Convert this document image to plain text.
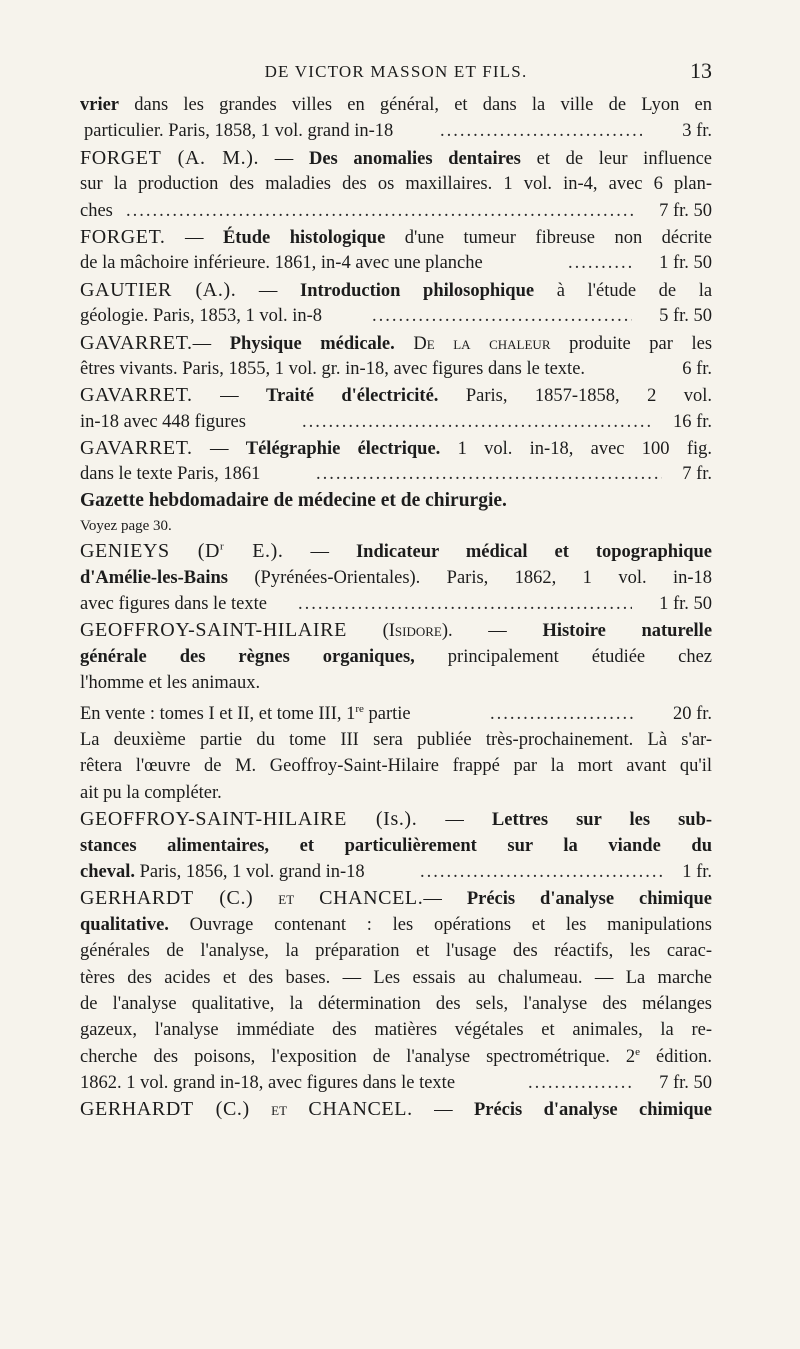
DE VICTOR MASSON ET FILS.	13
vrier dans les grandes villes en général, et dans la ville de Lyon en
particulier. Paris, 1858, 1 vol. grand in-18 .....	3 fr.
FORGET (A. M.). — Des anomalies dentaires et de leur influence
sur la production des maladies des os maxillaires. 1 vol. in-4, avec 6 plan-
ches .....	7 fr. 50
FORGET. — Étude histologique d'une tumeur fibreuse non décrite
de la mâchoire inférieure. 1861, in-4 avec une planche .....	1 fr. 50
GAUTIER (A.). — Introduction philosophique à l'étude de la
géologie. Paris, 1853, 1 vol. in-8 .....	5 fr. 50
GAVARRET.— Physique médicale. De la chaleur produite par les
êtres vivants. Paris, 1855, 1 vol. gr. in-18, avec figures dans le texte.	6 fr.
GAVARRET. — Traité d'électricité. Paris, 1857-1858, 2 vol.
in-18 avec 448 figures .....	16 fr.
GAVARRET. — Télégraphie électrique. 1 vol. in-18, avec 100 fig.
dans le texte Paris, 1861 .....	7 fr.
Gazette hebdomadaire de médecine et de chirurgie.
Voyez page 30.
GENIEYS ($D^r$ E.). — Indicateur médical et topographique
d'Amélie-les-Bains (Pyrénées-Orientales). Paris, 1862, 1 vol. in-18
avec figures dans le texte .....	1 fr. 50
GEOFFROY-SAINT-HILAIRE (Isidore). — Histoire naturelle
générale des règnes organiques, principalement étudiée chez
l'homme et les animaux.
En vente : tomes I et II, et tome III, 1re partie .....	20 fr.
La deuxième partie du tome III sera publiée très-prochainement. Là s'ar-
rêtera l'œuvre de M. Geoffroy-Saint-Hilaire frappé par la mort avant qu'il
ait pu la compléter.
GEOFFROY-SAINT-HILAIRE (Is.). — Lettres sur les sub-
stances alimentaires, et particulièrement sur la viande du
cheval. Paris, 1856, 1 vol. grand in-18 .....	1 fr.
GERHARDT (C.) et CHANCEL.— Précis d'analyse chimique
qualitative. Ouvrage contenant : les opérations et les manipulations
générales de l'analyse, la préparation et l'usage des réactifs, les carac-
tères des acides et des bases. — Les essais au chalumeau. — La marche
de l'analyse qualitative, la détermination des sels, l'analyse des mélanges
gazeux, l'analyse immédiate des matières végétales et animales, la re-
cherche des poisons, l'exposition de l'analyse spectrométrique. 2e édition.
1862. 1 vol. grand in-18, avec figures dans le texte .....	7 fr. 50
GERHARDT (C.) et CHANCEL. — Précis d'analyse chimique
